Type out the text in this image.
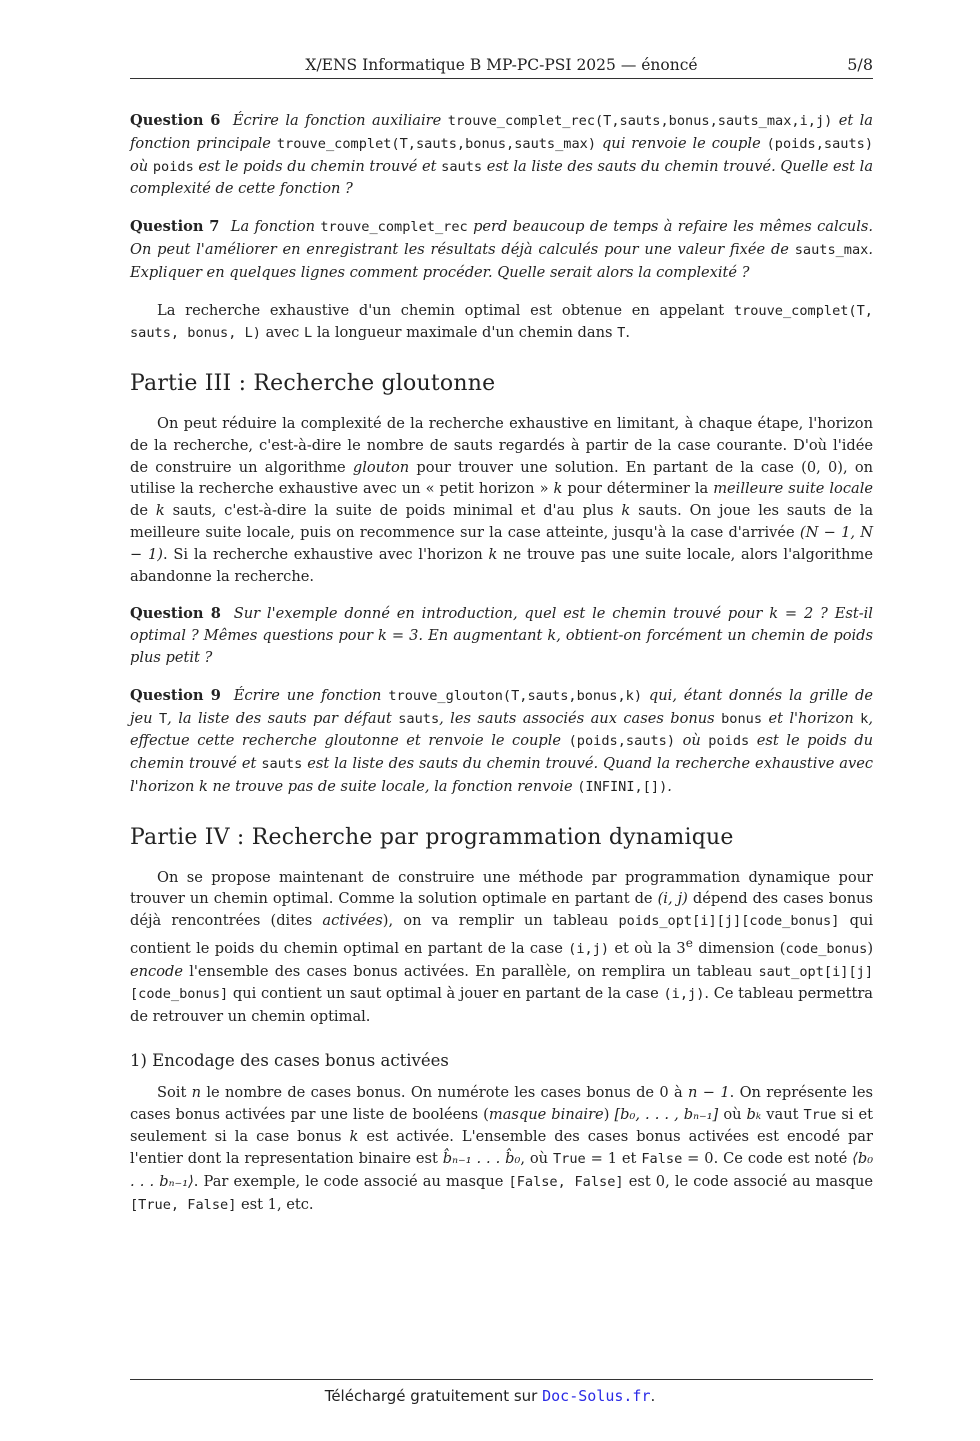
X/ENS Informatique B MP-PC-PSI 2025 — énoncé	5/8

Question 6 Écrire la fonction auxiliaire trouve_complet_rec(T,sauts,bonus,sauts_max,i,j) et la fonction principale trouve_complet(T,sauts,bonus,sauts_max) qui renvoie le couple (poids,sauts) où poids est le poids du chemin trouvé et sauts est la liste des sauts du chemin trouvé. Quelle est la complexité de cette fonction ?

Question 7 La fonction trouve_complet_rec perd beaucoup de temps à refaire les mêmes calculs. On peut l'améliorer en enregistrant les résultats déjà calculés pour une valeur fixée de sauts_max. Expliquer en quelques lignes comment procéder. Quelle serait alors la complexité ?

La recherche exhaustive d'un chemin optimal est obtenue en appelant trouve_complet(T, sauts, bonus, L) avec L la longueur maximale d'un chemin dans T.

Partie III : Recherche gloutonne

On peut réduire la complexité de la recherche exhaustive en limitant, à chaque étape, l'horizon de la recherche, c'est-à-dire le nombre de sauts regardés à partir de la case courante. D'où l'idée de construire un algorithme glouton pour trouver une solution. En partant de la case (0, 0), on utilise la recherche exhaustive avec un « petit horizon » k pour déterminer la meilleure suite locale de k sauts, c'est-à-dire la suite de poids minimal et d'au plus k sauts. On joue les sauts de la meilleure suite locale, puis on recommence sur la case atteinte, jusqu'à la case d'arrivée (N − 1, N − 1). Si la recherche exhaustive avec l'horizon k ne trouve pas une suite locale, alors l'algorithme abandonne la recherche.

Question 8 Sur l'exemple donné en introduction, quel est le chemin trouvé pour k = 2 ? Est-il optimal ? Mêmes questions pour k = 3. En augmentant k, obtient-on forcément un chemin de poids plus petit ?

Question 9 Écrire une fonction trouve_glouton(T,sauts,bonus,k) qui, étant donnés la grille de jeu T, la liste des sauts par défaut sauts, les sauts associés aux cases bonus bonus et l'horizon k, effectue cette recherche gloutonne et renvoie le couple (poids,sauts) où poids est le poids du chemin trouvé et sauts est la liste des sauts du chemin trouvé. Quand la recherche exhaustive avec l'horizon k ne trouve pas de suite locale, la fonction renvoie (INFINI,[]).

Partie IV : Recherche par programmation dynamique

On se propose maintenant de construire une méthode par programmation dynamique pour trouver un chemin optimal. Comme la solution optimale en partant de (i, j) dépend des cases bonus déjà rencontrées (dites activées), on va remplir un tableau poids_opt[i][j][code_bonus] qui contient le poids du chemin optimal en partant de la case (i,j) et où la 3e dimension (code_bonus) encode l'ensemble des cases bonus activées. En parallèle, on remplira un tableau saut_opt[i][j][code_bonus] qui contient un saut optimal à jouer en partant de la case (i,j). Ce tableau permettra de retrouver un chemin optimal.

1) Encodage des cases bonus activées

Soit n le nombre de cases bonus. On numérote les cases bonus de 0 à n − 1. On représente les cases bonus activées par une liste de booléens (masque binaire) [b₀, . . . , bₙ₋₁] où bₖ vaut True si et seulement si la case bonus k est activée. L'ensemble des cases bonus activées est encodé par l'entier dont la representation binaire est b̂ₙ₋₁ . . . b̂₀, où True = 1 et False = 0. Ce code est noté ⟨b₀ . . . bₙ₋₁⟩. Par exemple, le code associé au masque [False, False] est 0, le code associé au masque [True, False] est 1, etc.

Téléchargé gratuitement sur Doc-Solus.fr.
